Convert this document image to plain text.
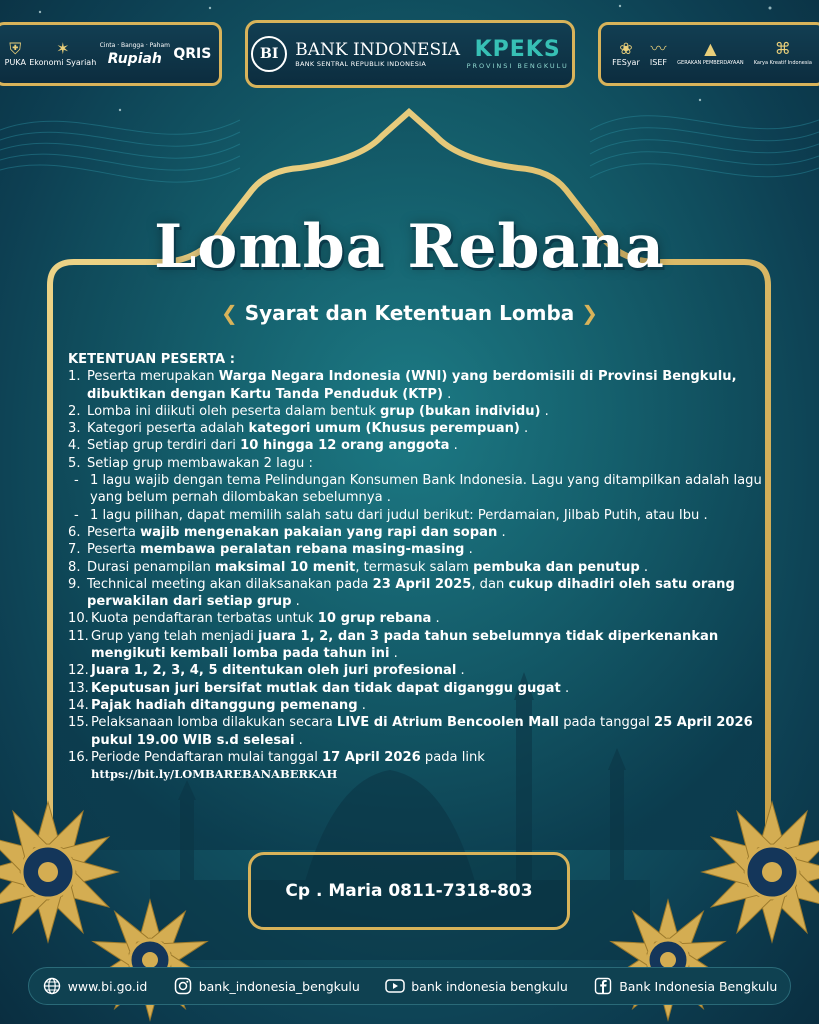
⛨
PUKA
✶
Ekonomi Syariah
Cinta · Bangga · Paham
Rupiah QRIS	BI BANK INDONESIA
BANK SENTRAL REPUBLIK INDONESIA
KPEKS
PROVINSI BENGKULU
❀
FESyar
〰
ISEF
▲
GERAKAN PEMBERDAYAAN
⌘
Karya Kreatif Indonesia
Lomba Rebana
❮ Syarat dan Ketentuan Lomba ❯

KETENTUAN PESERTA :

1. Peserta merupakan Warga Negara Indonesia (WNI) yang berdomisili di Provinsi Bengkulu, dibuktikan dengan Kartu Tanda Penduduk (KTP) .

2. Lomba ini diikuti oleh peserta dalam bentuk grup (bukan individu) .

3. Kategori peserta adalah kategori umum (Khusus perempuan) .

4. Setiap grup terdiri dari 10 hingga 12 orang anggota .

5. Setiap grup membawakan 2 lagu :

- 1 lagu wajib dengan tema Pelindungan Konsumen Bank Indonesia. Lagu yang ditampilkan adalah lagu yang belum pernah dilombakan sebelumnya .

- 1 lagu pilihan, dapat memilih salah satu dari judul berikut: Perdamaian, Jilbab Putih, atau Ibu .

6. Peserta wajib mengenakan pakaian yang rapi dan sopan .

7. Peserta membawa peralatan rebana masing-masing .

8. Durasi penampilan maksimal 10 menit, termasuk salam pembuka dan penutup .

9. Technical meeting akan dilaksanakan pada 23 April 2025, dan cukup dihadiri oleh satu orang perwakilan dari setiap grup .

10. Kuota pendaftaran terbatas untuk 10 grup rebana .

11. Grup yang telah menjadi juara 1, 2, dan 3 pada tahun sebelumnya tidak diperkenankan mengikuti kembali lomba pada tahun ini .

12. Juara 1, 2, 3, 4, 5 ditentukan oleh juri profesional .

13. Keputusan juri bersifat mutlak dan tidak dapat diganggu gugat .

14. Pajak hadiah ditanggung pemenang .

15. Pelaksanaan lomba dilakukan secara LIVE di Atrium Bencoolen Mall pada tanggal 25 April 2026 pukul 19.00 WIB s.d selesai .

16. Periode Pendaftaran mulai tanggal 17 April 2026 pada link
https://bit.ly/LOMBAREBANABERKAH

Cp . Maria 0811-7318-803
www.bi.go.id	bank_indonesia_bengkulu	bank indonesia bengkulu	Bank Indonesia Bengkulu
